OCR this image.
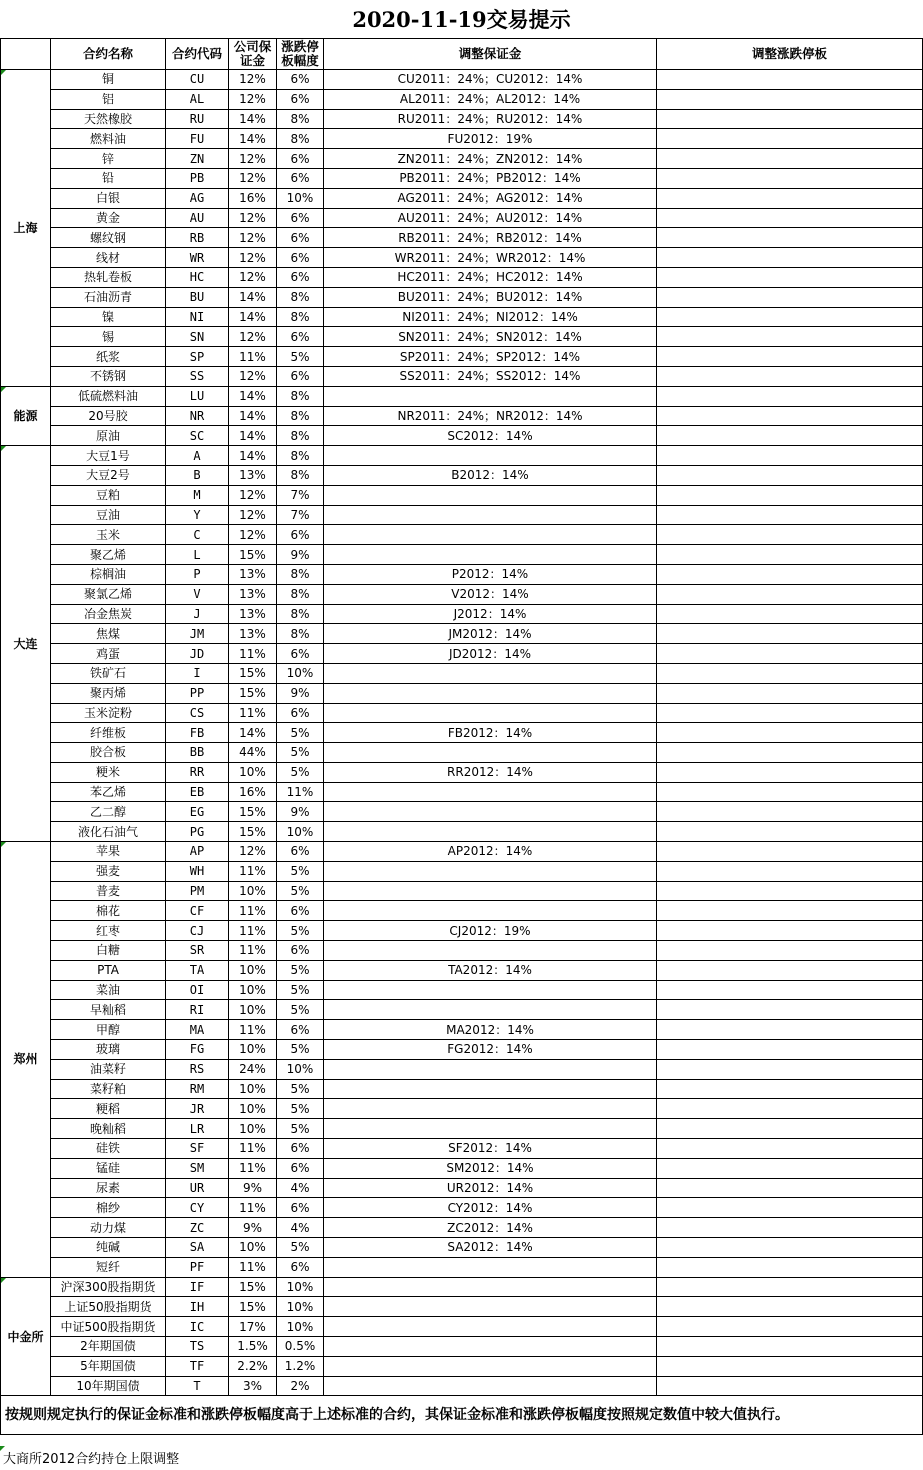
2020-11-19交易提示
	合约名称	合约代码	公司保证金	涨跌停板幅度	调整保证金	调整涨跌停板
上海	铜	CU	12%	6%	CU2011：24%；CU2012：14%	
	铝	AL	12%	6%	AL2011：24%；AL2012：14%	
	天然橡胶	RU	14%	8%	RU2011：24%；RU2012：14%	
	燃料油	FU	14%	8%	FU2012：19%	
	锌	ZN	12%	6%	ZN2011：24%；ZN2012：14%	
	铅	PB	12%	6%	PB2011：24%；PB2012：14%	
	白银	AG	16%	10%	AG2011：24%；AG2012：14%	
	黄金	AU	12%	6%	AU2011：24%；AU2012：14%	
	螺纹钢	RB	12%	6%	RB2011：24%；RB2012：14%	
	线材	WR	12%	6%	WR2011：24%；WR2012：14%	
	热轧卷板	HC	12%	6%	HC2011：24%；HC2012：14%	
	石油沥青	BU	14%	8%	BU2011：24%；BU2012：14%	
	镍	NI	14%	8%	NI2011：24%；NI2012：14%	
	锡	SN	12%	6%	SN2011：24%；SN2012：14%	
	纸浆	SP	11%	5%	SP2011：24%；SP2012：14%	
	不锈钢	SS	12%	6%	SS2011：24%；SS2012：14%	
能源	低硫燃料油	LU	14%	8%		
	20号胶	NR	14%	8%	NR2011：24%；NR2012：14%	
	原油	SC	14%	8%	SC2012：14%	
大连	大豆1号	A	14%	8%		
	大豆2号	B	13%	8%	B2012：14%	
	豆粕	M	12%	7%		
	豆油	Y	12%	7%		
	玉米	C	12%	6%		
	聚乙烯	L	15%	9%		
	棕榈油	P	13%	8%	P2012：14%	
	聚氯乙烯	V	13%	8%	V2012：14%	
	冶金焦炭	J	13%	8%	J2012：14%	
	焦煤	JM	13%	8%	JM2012：14%	
	鸡蛋	JD	11%	6%	JD2012：14%	
	铁矿石	I	15%	10%		
	聚丙烯	PP	15%	9%		
	玉米淀粉	CS	11%	6%		
	纤维板	FB	14%	5%	FB2012：14%	
	胶合板	BB	44%	5%		
	粳米	RR	10%	5%	RR2012：14%	
	苯乙烯	EB	16%	11%		
	乙二醇	EG	15%	9%		
	液化石油气	PG	15%	10%		
郑州	苹果	AP	12%	6%	AP2012：14%	
	强麦	WH	11%	5%		
	普麦	PM	10%	5%		
	棉花	CF	11%	6%		
	红枣	CJ	11%	5%	CJ2012：19%	
	白糖	SR	11%	6%		
	PTA	TA	10%	5%	TA2012：14%	
	菜油	OI	10%	5%		
	早籼稻	RI	10%	5%		
	甲醇	MA	11%	6%	MA2012：14%	
	玻璃	FG	10%	5%	FG2012：14%	
	油菜籽	RS	24%	10%		
	菜籽粕	RM	10%	5%		
	粳稻	JR	10%	5%		
	晚籼稻	LR	10%	5%		
	硅铁	SF	11%	6%	SF2012：14%	
	锰硅	SM	11%	6%	SM2012：14%	
	尿素	UR	9%	4%	UR2012：14%	
	棉纱	CY	11%	6%	CY2012：14%	
	动力煤	ZC	9%	4%	ZC2012：14%	
	纯碱	SA	10%	5%	SA2012：14%	
	短纤	PF	11%	6%		
中金所	沪深300股指期货	IF	15%	10%		
	上证50股指期货	IH	15%	10%		
	中证500股指期货	IC	17%	10%		
	2年期国债	TS	1.5%	0.5%		
	5年期国债	TF	2.2%	1.2%		
	10年期国债	T	3%	2%		
按规则规定执行的保证金标准和涨跌停板幅度高于上述标准的合约，其保证金标准和涨跌停板幅度按照规定数值中较大值执行。						
大商所2012合约持仓上限调整
